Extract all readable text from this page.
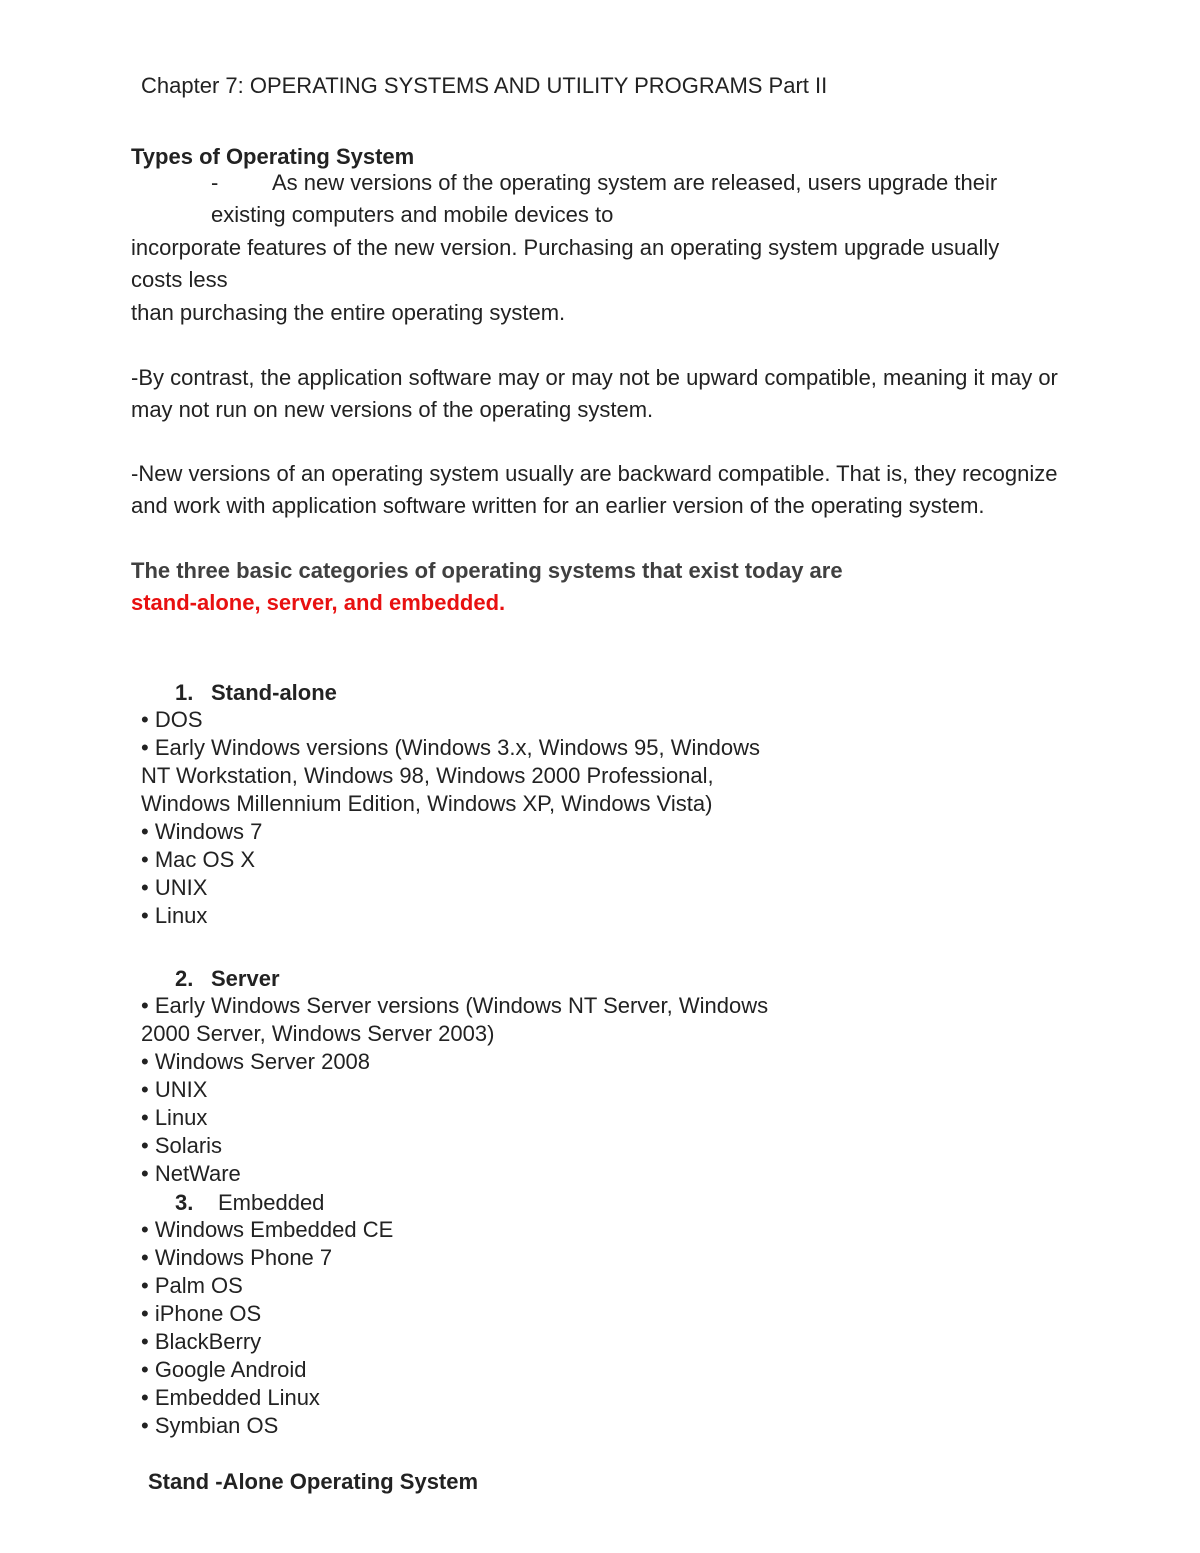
Chapter 7: OPERATING SYSTEMS AND UTILITY PROGRAMS Part II
Types of Operating System
- As new versions of the operating system are released, users upgrade their
existing computers and mobile devices to
incorporate features of the new version. Purchasing an operating system upgrade usually
costs less
than purchasing the entire operating system.
-By contrast, the application software may or may not be upward compatible, meaning it may or
may not run on new versions of the operating system.
-New versions of an operating system usually are backward compatible. That is, they recognize
and work with application software written for an earlier version of the operating system.
The three basic categories of operating systems that exist today are
stand-alone, server, and embedded.
1. Stand-alone
• DOS
• Early Windows versions (Windows 3.x, Windows 95, Windows
NT Workstation, Windows 98, Windows 2000 Professional,
Windows Millennium Edition, Windows XP, Windows Vista)
• Windows 7
• Mac OS X
• UNIX
• Linux
2. Server
• Early Windows Server versions (Windows NT Server, Windows
2000 Server, Windows Server 2003)
• Windows Server 2008
• UNIX
• Linux
• Solaris
• NetWare
3. Embedded
• Windows Embedded CE
• Windows Phone 7
• Palm OS
• iPhone OS
• BlackBerry
• Google Android
• Embedded Linux
• Symbian OS
Stand -Alone Operating System
